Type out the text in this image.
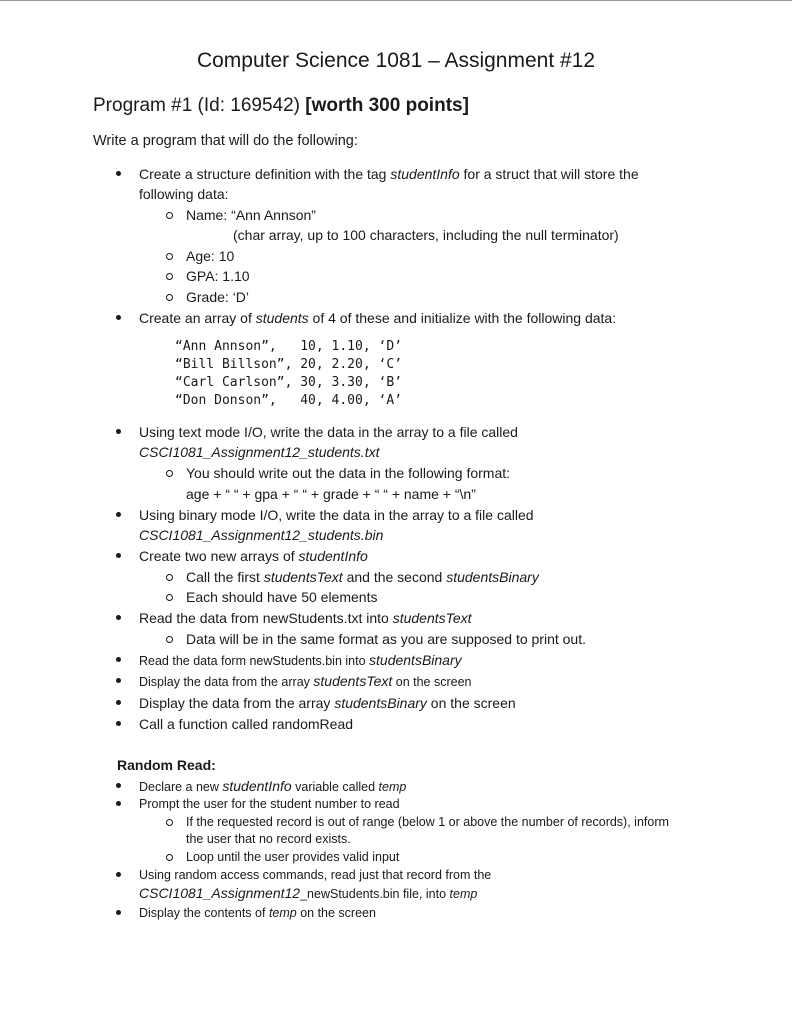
Computer Science 1081 – Assignment #12
Program #1 (Id: 169542) [worth 300 points]
Write a program that will do the following:
Create a structure definition with the tag studentInfo for a struct that will store the
following data:
Name: “Ann Annson”
(char array, up to 100 characters, including the null terminator)
Age: 10
GPA: 1.10
Grade: ‘D’
Create an array of students of 4 of these and initialize with the following data:
“Ann Annson”,   10, 1.10, ‘D’
“Bill Billson”, 20, 2.20, ‘C’
“Carl Carlson”, 30, 3.30, ‘B’
“Don Donson”,   40, 4.00, ‘A’
Using text mode I/O, write the data in the array to a file called
CSCI1081_Assignment12_students.txt
You should write out the data in the following format:
age + “ “ + gpa + “ “ + grade + “ “ + name + “\n”
Using binary mode I/O, write the data in the array to a file called
CSCI1081_Assignment12_students.bin
Create two new arrays of studentInfo
Call the first studentsText and the second studentsBinary
Each should have 50 elements
Read the data from newStudents.txt into studentsText
Data will be in the same format as you are supposed to print out.
Read the data form newStudents.bin into studentsBinary
Display the data from the array studentsText on the screen
Display the data from the array studentsBinary on the screen
Call a function called randomRead
Random Read:
Declare a new studentInfo variable called temp
Prompt the user for the student number to read
If the requested record is out of range (below 1 or above the number of records), inform
the user that no record exists.
Loop until the user provides valid input
Using random access commands, read just that record from the
CSCI1081_Assignment12_newStudents.bin file, into temp
Display the contents of temp on the screen
